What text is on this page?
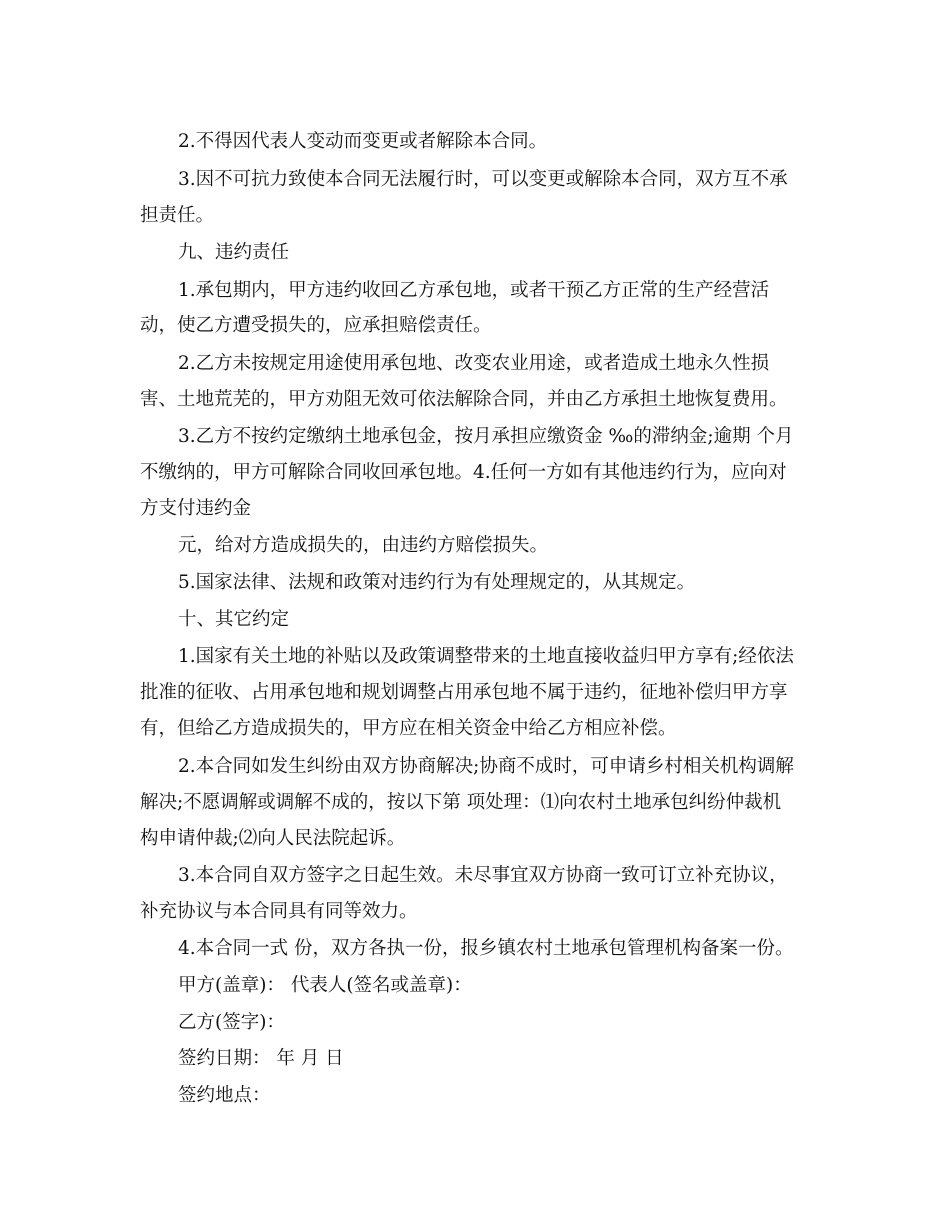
2.不得因代表人变动而变更或者解除本合同。

3.因不可抗力致使本合同无法履行时，可以变更或解除本合同，双方互不承

担责任。

九、违约责任

1.承包期内，甲方违约收回乙方承包地，或者干预乙方正常的生产经营活

动，使乙方遭受损失的，应承担赔偿责任。

2.乙方未按规定用途使用承包地、改变农业用途，或者造成土地永久性损

害、土地荒芜的，甲方劝阻无效可依法解除合同，并由乙方承担土地恢复费用。

3.乙方不按约定缴纳土地承包金，按月承担应缴资金 ‰的滞纳金;逾期 个月

不缴纳的，甲方可解除合同收回承包地。4.任何一方如有其他违约行为，应向对

方支付违约金

元，给对方造成损失的，由违约方赔偿损失。

5.国家法律、法规和政策对违约行为有处理规定的，从其规定。

十、其它约定

1.国家有关土地的补贴以及政策调整带来的土地直接收益归甲方享有;经依法

批准的征收、占用承包地和规划调整占用承包地不属于违约，征地补偿归甲方享

有，但给乙方造成损失的，甲方应在相关资金中给乙方相应补偿。

2.本合同如发生纠纷由双方协商解决;协商不成时，可申请乡村相关机构调解

解决;不愿调解或调解不成的，按以下第 项处理：⑴向农村土地承包纠纷仲裁机

构申请仲裁;⑵向人民法院起诉。

3.本合同自双方签字之日起生效。未尽事宜双方协商一致可订立补充协议，

补充协议与本合同具有同等效力。

4.本合同一式 份，双方各执一份，报乡镇农村土地承包管理机构备案一份。

甲方(盖章)： 代表人(签名或盖章)：

乙方(签字)：

签约日期： 年 月 日

签约地点：
